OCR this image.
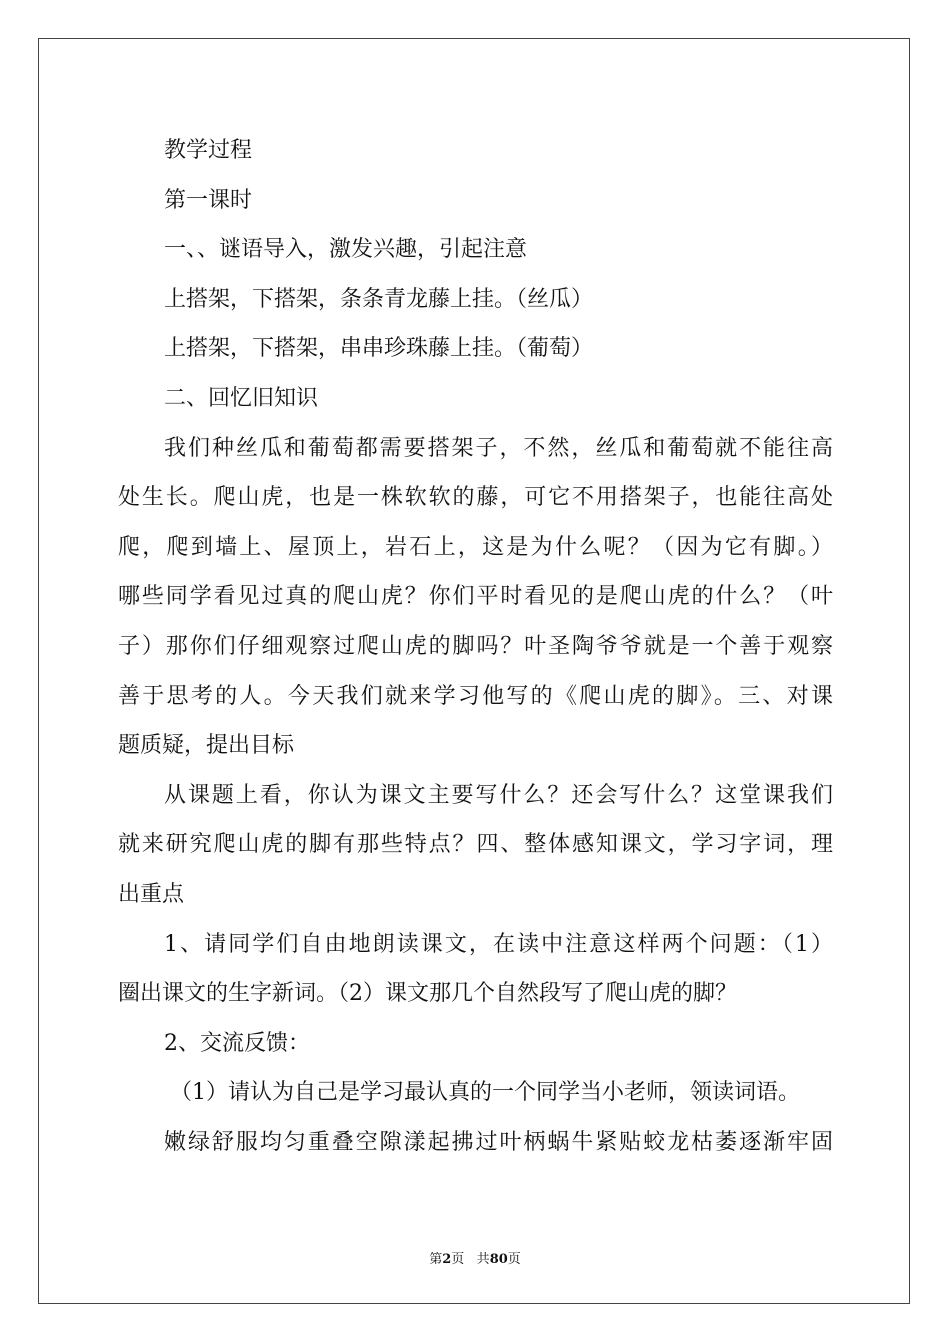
教学过程

第一课时

一、、谜语导入，激发兴趣，引起注意

上搭架，下搭架，条条青龙藤上挂。（丝瓜）

上搭架，下搭架，串串珍珠藤上挂。（葡萄）

二、回忆旧知识

我们种丝瓜和葡萄都需要搭架子，不然，丝瓜和葡萄就不能往高

处生长。爬山虎，也是一株软软的藤，可它不用搭架子，也能往高处

爬，爬到墙上、屋顶上，岩石上，这是为什么呢？（因为它有脚。）

哪些同学看见过真的爬山虎？你们平时看见的是爬山虎的什么？（叶

子）那你们仔细观察过爬山虎的脚吗？叶圣陶爷爷就是一个善于观察

善于思考的人。今天我们就来学习他写的《爬山虎的脚》。三、对课

题质疑，提出目标

从课题上看，你认为课文主要写什么？还会写什么？这堂课我们

就来研究爬山虎的脚有那些特点？四、整体感知课文，学习字词，理

出重点

1、请同学们自由地朗读课文，在读中注意这样两个问题：（1）

圈出课文的生字新词。（2）课文那几个自然段写了爬山虎的脚？

2、交流反馈：

（1）请认为自己是学习最认真的一个同学当小老师，领读词语。

嫩绿舒服均匀重叠空隙漾起拂过叶柄蜗牛紧贴蛟龙枯萎逐渐牢固

第2页 共80页
